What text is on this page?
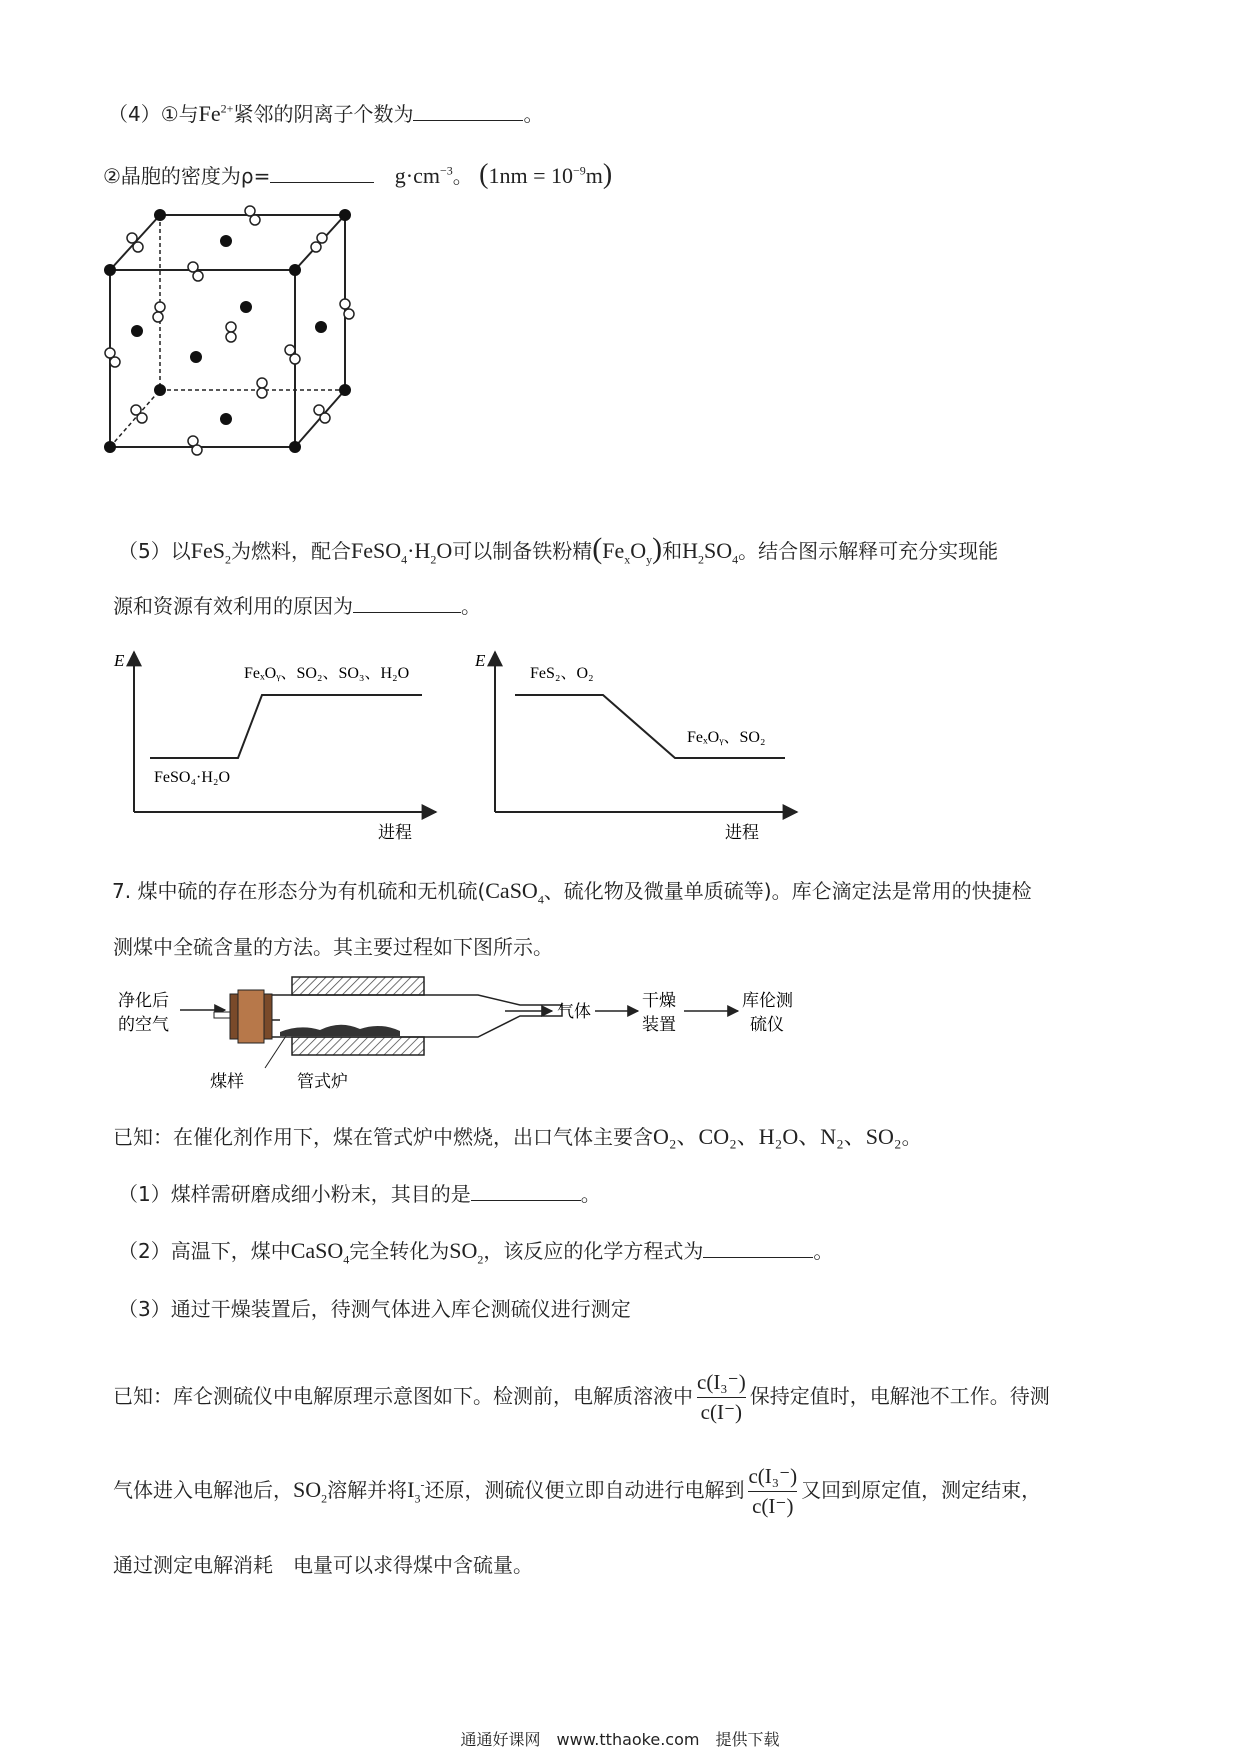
（4）①与$Fe^{2+}$紧邻的阴离子个数为	。
②晶胞的密度为ρ=	$g\cdot cm^{-3}$。 $(1nm = 10^{-9}m)$
（5）以FeS$_2$为燃料，配合$FeSO_4\cdot H_2O$可以制备铁粉精$(Fe_xO_y)$和$H_2SO_4$。结合图示解释可充分实现能
源和资源有效利用的原因为	。
E
进程
FeSO₄·H₂O
FeₓOᵧ、SO₂、SO₃、H₂O
E
进程
FeS₂、O₂
FeₓOᵧ、SO₂
7. 煤中硫的存在形态分为有机硫和无机硫(CaSO$_4$、硫化物及微量单质硫等)。库仑滴定法是常用的快捷检
测煤中全硫含量的方法。其主要过程如下图所示。
净化后
的空气
煤样	管式炉
气体
干燥
装置
库伦测
硫仪
已知：在催化剂作用下，煤在管式炉中燃烧，出口气体主要含O₂、CO₂、H₂O、N₂、SO₂。
（1）煤样需研磨成细小粉末，其目的是	。
（2）高温下，煤中CaSO$_4$完全转化为$SO_2$，该反应的化学方程式为	。
（3）通过干燥装置后，待测气体进入库仑测硫仪进行测定
已知：库仑测硫仪中电解原理示意图如下。检测前，电解质溶液中 $\frac{\text{c(I₃⁻)}}{c(I^-)}$ 保持定值时，电解池不工作。待测
气体进入电解池后，$SO_2$溶解并将$I_3^-$还原，测硫仪便立即自动进行电解到 $\frac{\text{c(I₃⁻)}}{c(I^-)}$ 又回到原定值，测定结束，
通过测定电解消耗　电量可以求得煤中含硫量。
通通好课网　www.tthaoke.com　提供下载
